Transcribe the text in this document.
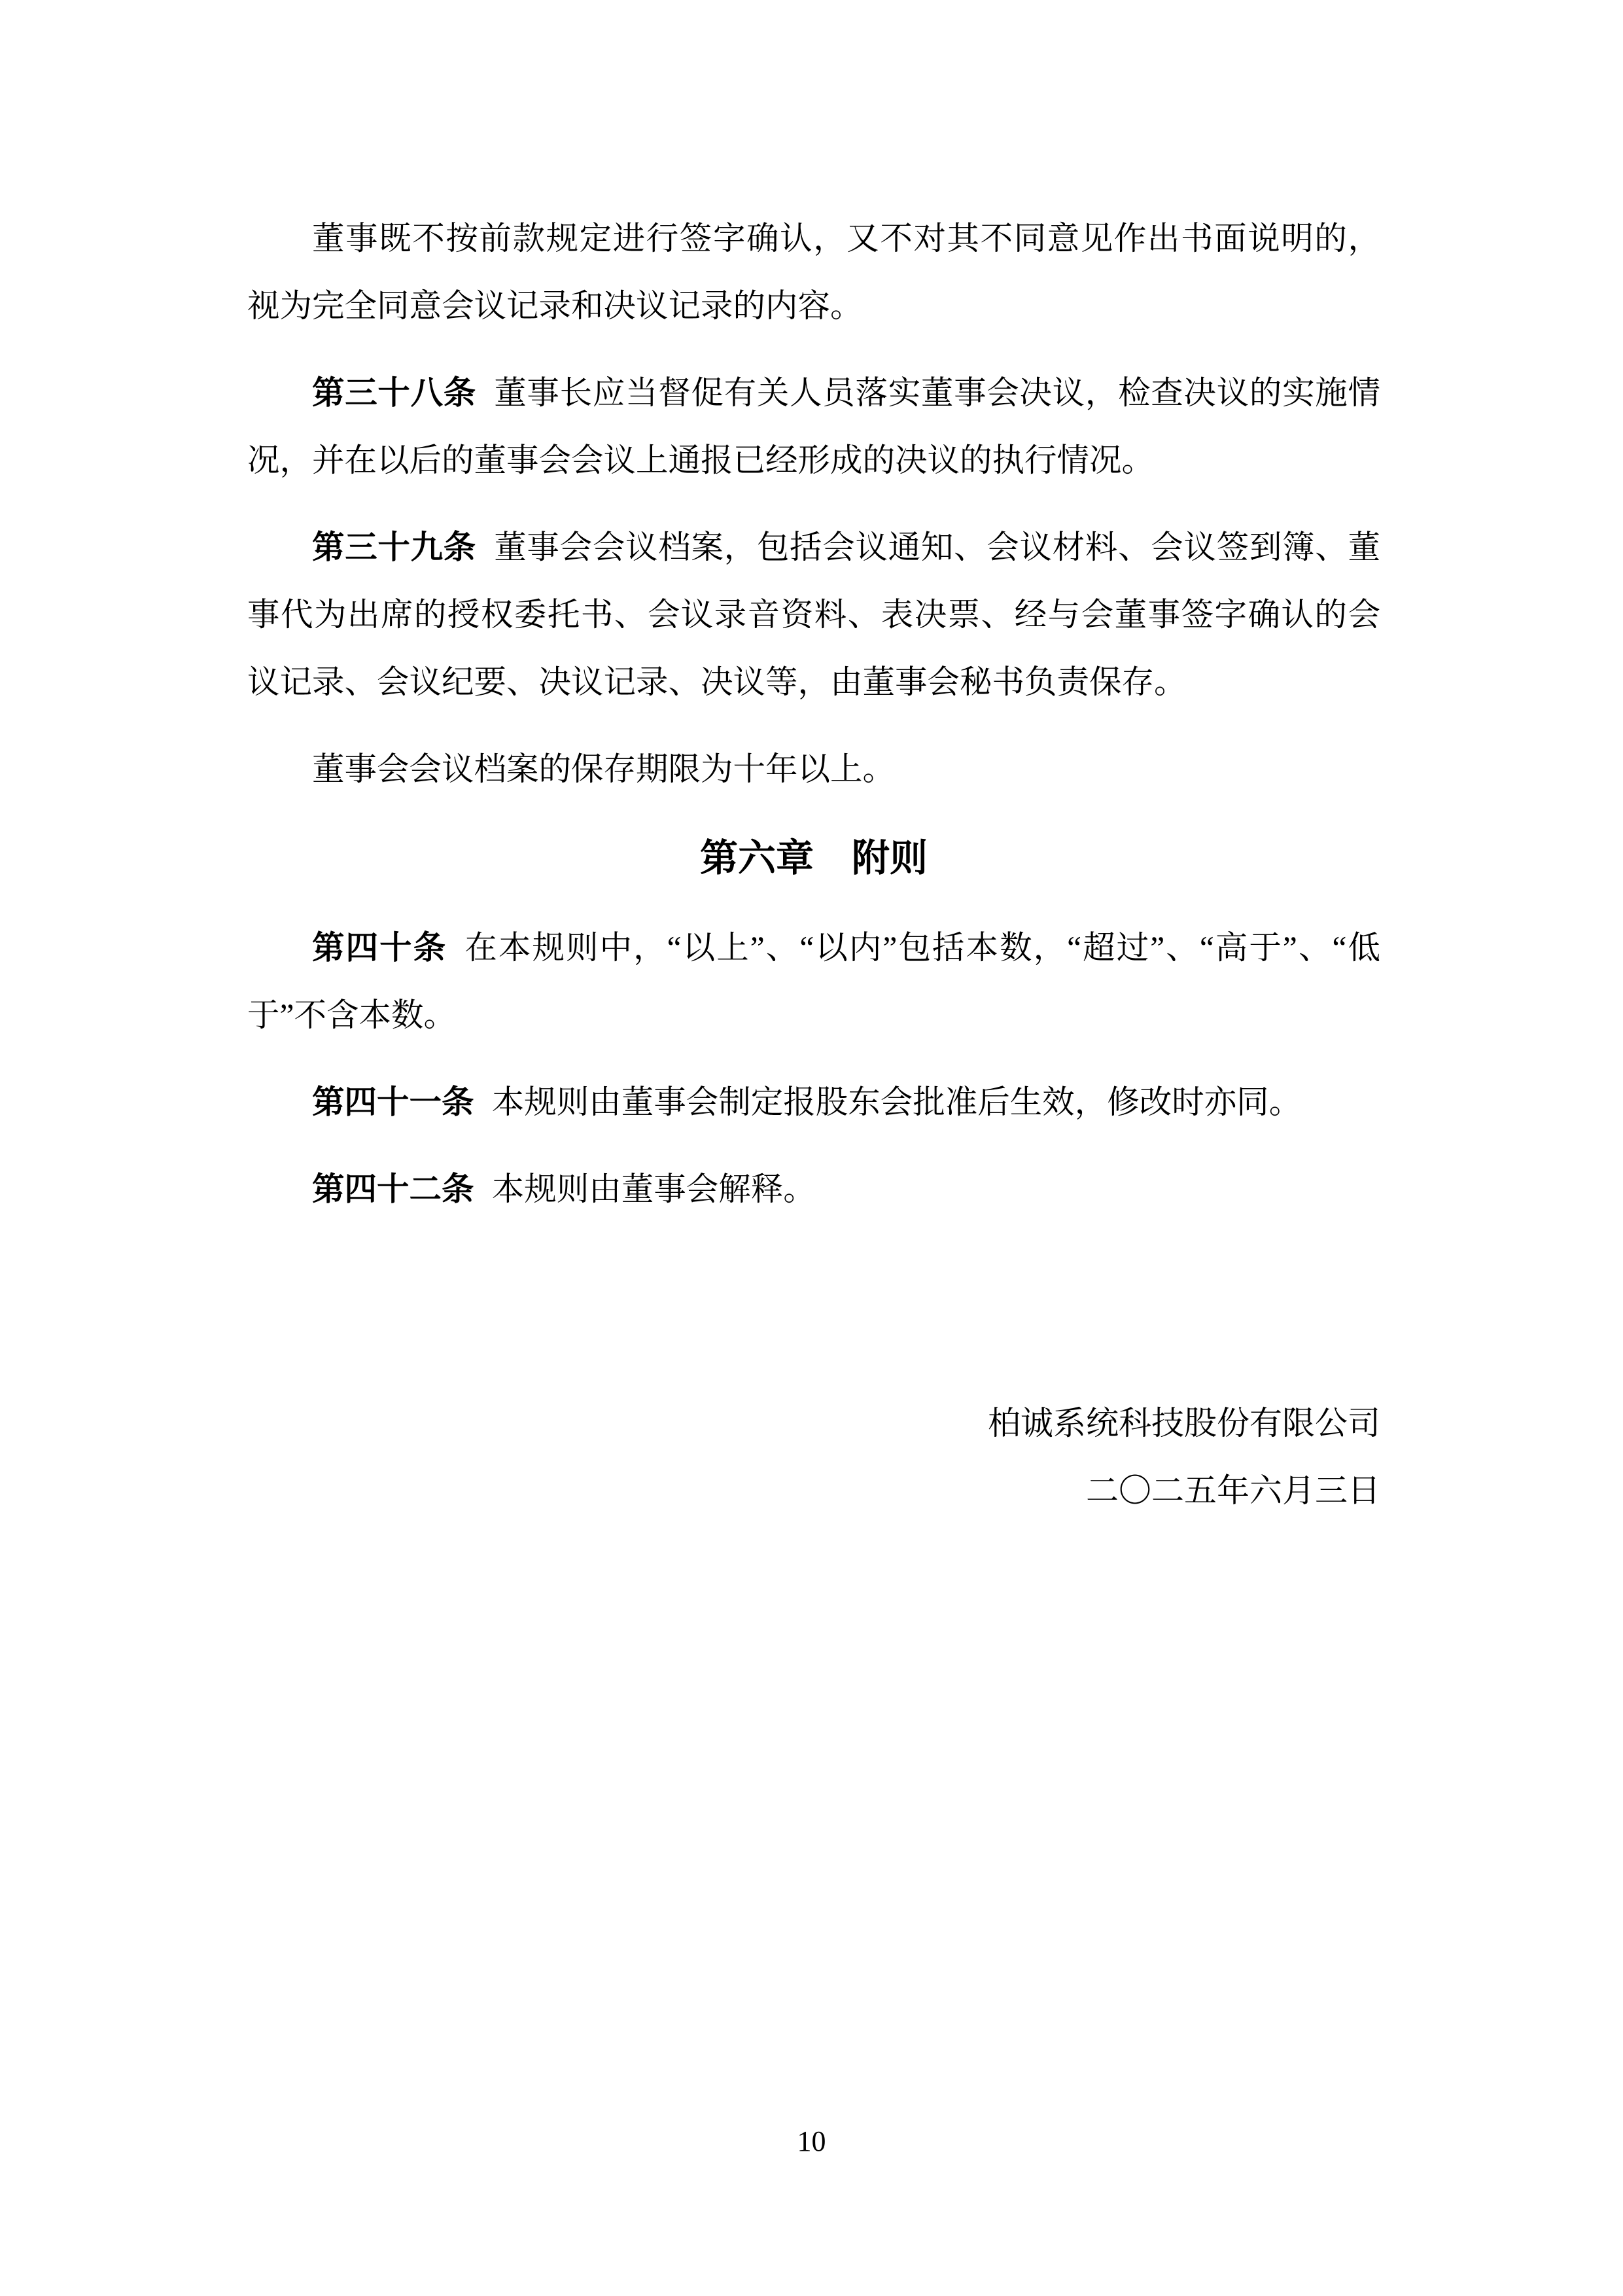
董事既不按前款规定进行签字确认，又不对其不同意见作出书面说明的，视为完全同意会议记录和决议记录的内容。

第三十八条 董事长应当督促有关人员落实董事会决议，检查决议的实施情况，并在以后的董事会会议上通报已经形成的决议的执行情况。

第三十九条 董事会会议档案，包括会议通知、会议材料、会议签到簿、董事代为出席的授权委托书、会议录音资料、表决票、经与会董事签字确认的会议记录、会议纪要、决议记录、决议等，由董事会秘书负责保存。

董事会会议档案的保存期限为十年以上。

第六章　附则

第四十条 在本规则中，“以上”、“以内”包括本数，“超过”、“高于”、“低于”不含本数。

第四十一条 本规则由董事会制定报股东会批准后生效，修改时亦同。

第四十二条 本规则由董事会解释。

柏诚系统科技股份有限公司
二〇二五年六月三日
10
